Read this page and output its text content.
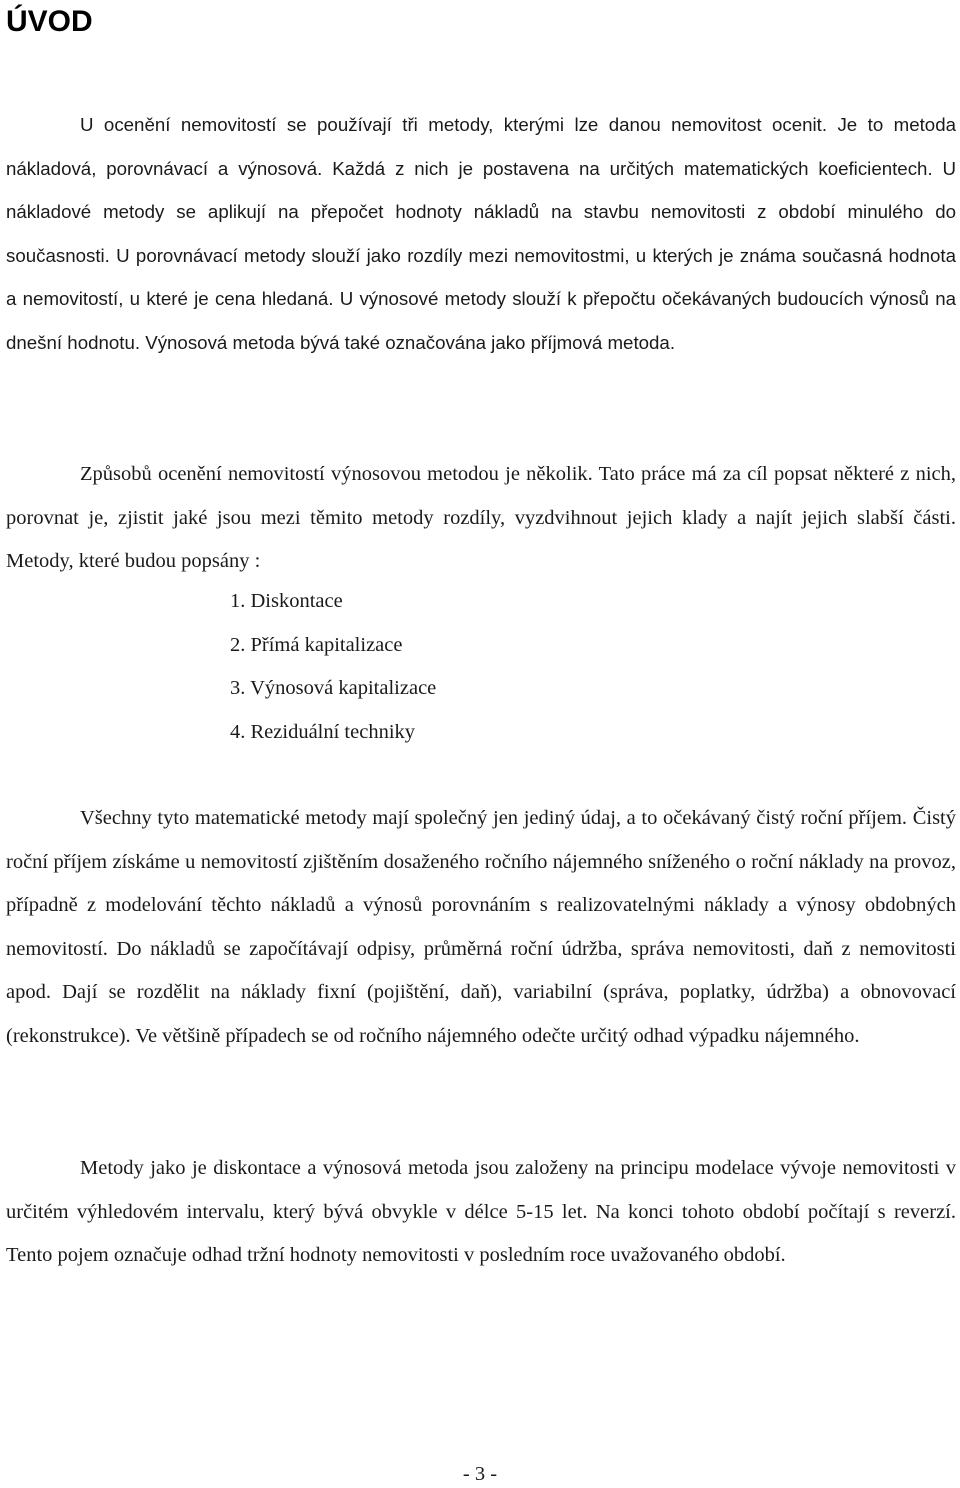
ÚVOD

U ocenění nemovitostí se používají tři metody, kterými lze danou nemovitost ocenit. Je to metoda nákladová, porovnávací a výnosová. Každá z nich je postavena na určitých matematických koeficientech. U nákladové metody se aplikují na přepočet hodnoty nákladů na stavbu nemovitosti z období minulého do současnosti. U porovnávací metody slouží jako rozdíly mezi nemovitostmi, u kterých je známa současná hodnota a nemovitostí, u které je cena hledaná. U výnosové metody slouží k přepočtu očekávaných budoucích výnosů na dnešní hodnotu. Výnosová metoda bývá také označována jako příjmová metoda.

Způsobů ocenění nemovitostí výnosovou metodou je několik. Tato práce má za cíl popsat některé z nich, porovnat je, zjistit jaké jsou mezi těmito metody rozdíly, vyzdvihnout jejich klady a najít jejich slabší části. Metody, které budou popsány :

1. Diskontace
2. Přímá kapitalizace
3. Výnosová kapitalizace
4. Reziduální techniky

Všechny tyto matematické metody mají společný jen jediný údaj, a to očekávaný čistý roční příjem. Čistý roční příjem získáme u nemovitostí zjištěním dosaženého ročního nájemného sníženého o roční náklady na provoz, případně z modelování těchto nákladů a výnosů porovnáním s realizovatelnými náklady a výnosy obdobných nemovitostí. Do nákladů se započítávají odpisy, průměrná roční údržba, správa nemovitosti, daň z nemovitosti apod. Dají se rozdělit na náklady fixní (pojištění, daň), variabilní (správa, poplatky, údržba) a obnovovací (rekonstrukce). Ve většině případech se od ročního nájemného odečte určitý odhad výpadku nájemného.

Metody jako je diskontace a výnosová metoda jsou založeny na principu modelace vývoje nemovitosti v určitém výhledovém intervalu, který bývá obvykle v délce 5-15 let. Na konci tohoto období počítají s reverzí. Tento pojem označuje odhad tržní hodnoty nemovitosti v posledním roce uvažovaného období.

- 3 -
